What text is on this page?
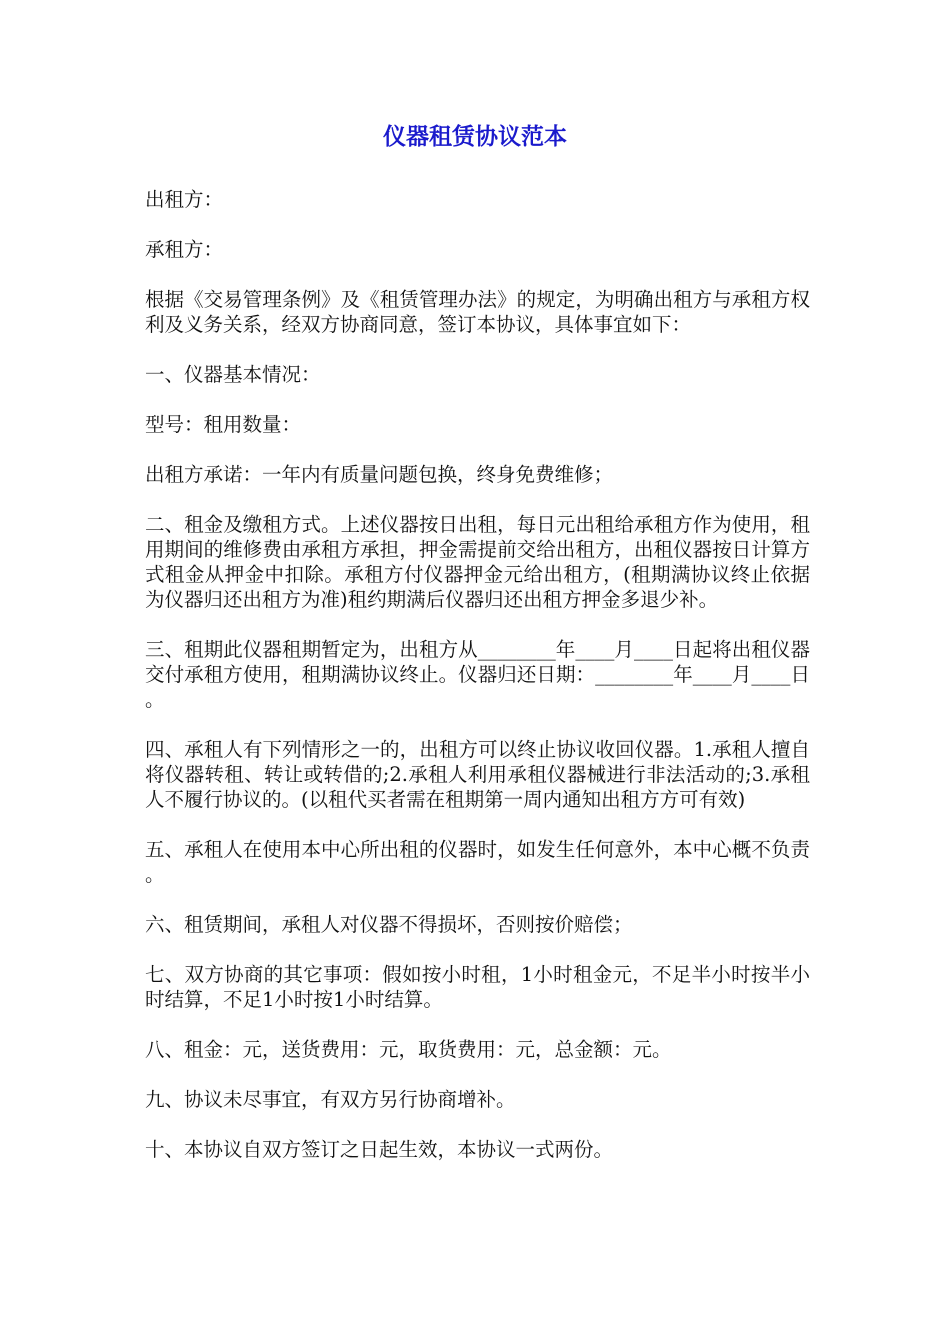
仪器租赁协议范本

出租方：

承租方：

根据《交易管理条例》及《租赁管理办法》的规定，为明确出租方与承租方权利及义务关系，经双方协商同意，签订本协议，具体事宜如下：

一、仪器基本情况：

型号：租用数量：

出租方承诺：一年内有质量问题包换，终身免费维修；

二、租金及缴租方式。上述仪器按日出租，每日元出租给承租方作为使用，租用期间的维修费由承租方承担，押金需提前交给出租方，出租仪器按日计算方式租金从押金中扣除。承租方付仪器押金元给出租方，(租期满协议终止依据为仪器归还出租方为准)租约期满后仪器归还出租方押金多退少补。

三、租期此仪器租期暂定为，出租方从________年____月____日起将出租仪器交付承租方使用，租期满协议终止。仪器归还日期：________年____月____日。

四、承租人有下列情形之一的，出租方可以终止协议收回仪器。1.承租人擅自将仪器转租、转让或转借的;2.承租人利用承租仪器械进行非法活动的;3.承租人不履行协议的。(以租代买者需在租期第一周内通知出租方方可有效)

五、承租人在使用本中心所出租的仪器时，如发生任何意外，本中心概不负责。

六、租赁期间，承租人对仪器不得损坏，否则按价赔偿；

七、双方协商的其它事项：假如按小时租，1小时租金元，不足半小时按半小时结算，不足1小时按1小时结算。

八、租金：元，送货费用：元，取货费用：元，总金额：元。

九、协议未尽事宜，有双方另行协商增补。

十、本协议自双方签订之日起生效，本协议一式两份。
